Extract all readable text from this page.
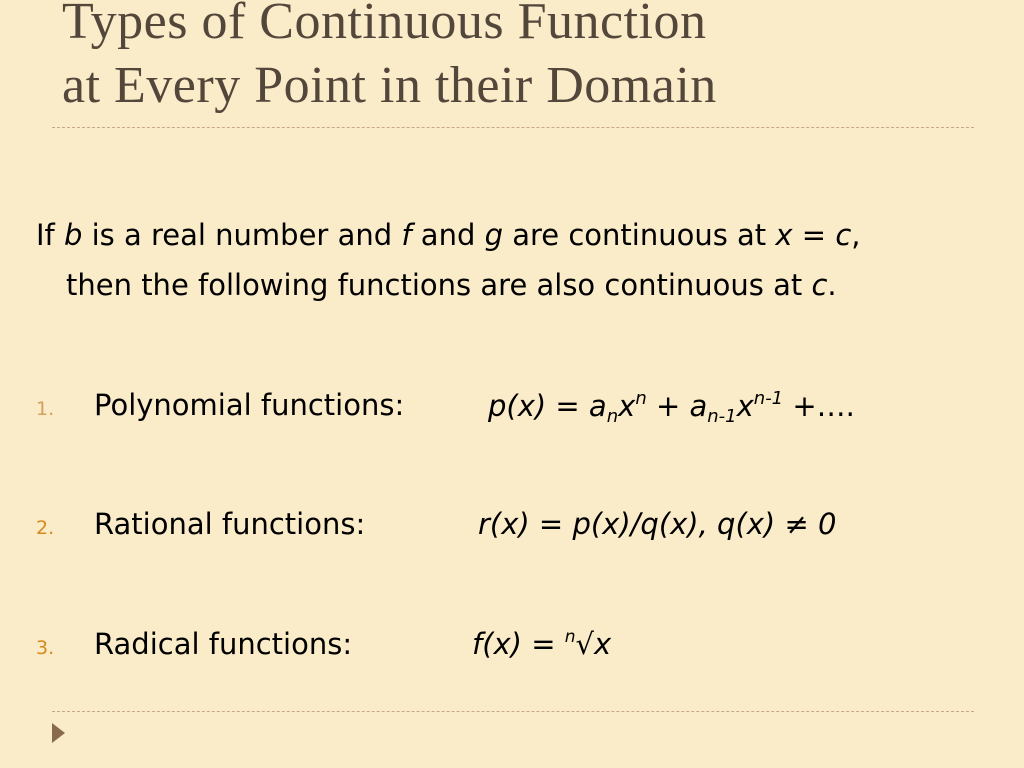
Types of Continuous Function
at Every Point in their Domain
If b is a real number and f and g are continuous at x = c,
then the following functions are also continuous at c.
1. Polynomial functions:	$p(x) = a_nx^n + a_{n-1}x^{n-1}$ +….
2. Rational functions:	r(x) = p(x)/q(x), q(x) ≠ 0
3. Radical functions:	f(x) = $^n$√x
